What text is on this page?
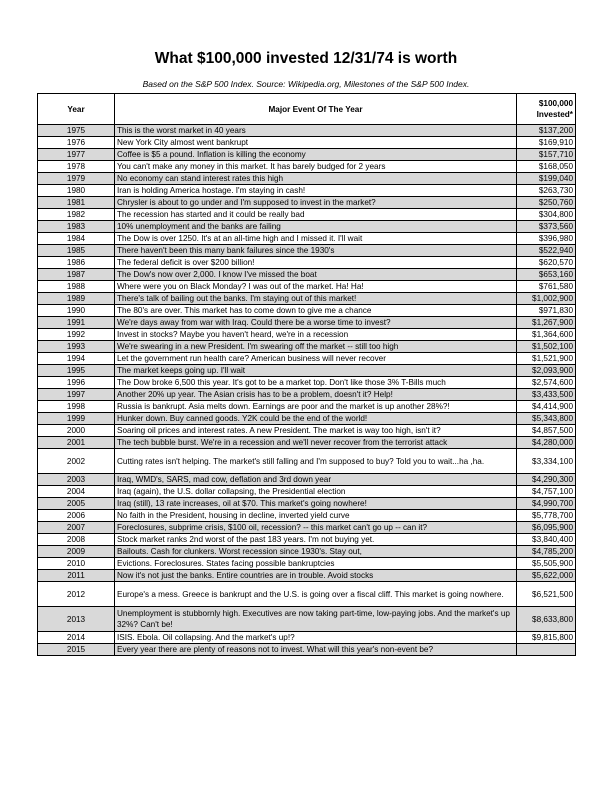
What $100,000 invested 12/31/74 is worth
Based on the S&P 500 Index. Source: Wikipedia.org, Milestones of the S&P 500 Index.
Year	Major Event Of The Year	$100,000
Invested*
1975	This is the worst market in 40 years	$137,200
1976	New York City almost went bankrupt	$169,910
1977	Coffee is $5 a pound. Inflation is killing the economy	$157,710
1978	You can't make any money in this market. It has barely budged for 2 years	$168,050
1979	No economy can stand interest rates this high	$199,040
1980	Iran is holding America hostage. I'm staying in cash!	$263,730
1981	Chrysler is about to go under and I'm supposed to invest in the market?	$250,760
1982	The recession has started and it could be really bad	$304,800
1983	10% unemployment and the banks are failing	$373,560
1984	The Dow is over 1250. It's at an all-time high and I missed it. I'll wait	$396,980
1985	There haven't been this many bank failures since the 1930's	$522,940
1986	The federal deficit is over $200 billion!	$620,570
1987	The Dow's now over 2,000. I know I've missed the boat	$653,160
1988	Where were you on Black Monday? I was out of the market. Ha! Ha!	$761,580
1989	There's talk of bailing out the banks. I'm staying out of this market!	$1,002,900
1990	The 80's are over. This market has to come down to give me a chance	$971,830
1991	We're days away from war with Iraq. Could there be a worse time to invest?	$1,267,900
1992	Invest in stocks? Maybe you haven't heard, we're in a recession	$1,364,600
1993	We're swearing in a new President. I'm swearing off the market -- still too high	$1,502,100
1994	Let the government run health care? American business will never recover	$1,521,900
1995	The market keeps going up. I'll wait	$2,093,900
1996	The Dow broke 6,500 this year. It's got to be a market top. Don't like those 3% T-Bills much	$2,574,600
1997	Another 20% up year. The Asian crisis has to be a problem, doesn't it? Help!	$3,433,500
1998	Russia is bankrupt. Asia melts down. Earnings are poor and the market is up another 28%?!	$4,414,900
1999	Hunker down. Buy canned goods. Y2K could be the end of the world!	$5,343,800
2000	Soaring oil prices and interest rates. A new President. The market is way too high, isn't it?	$4,857,500
2001	The tech bubble burst. We're in a recession and we'll never recover from the terrorist attack	$4,280,000
2002	Cutting rates isn't helping. The market's still falling and I'm supposed to buy? Told you to wait...ha ,ha.	$3,334,100
2003	Iraq, WMD's, SARS, mad cow, deflation and 3rd down year	$4,290,300
2004	Iraq (again), the U.S. dollar collapsing, the Presidential election	$4,757,100
2005	Iraq (still), 13 rate increases, oil at $70. This market's going nowhere!	$4,990,700
2006	No faith in the President, housing in decline, inverted yield curve	$5,778,700
2007	Foreclosures, subprime crisis, $100 oil, recession? -- this market can't go up -- can it?	$6,095,900
2008	Stock market ranks 2nd worst of the past 183 years. I'm not buying yet.	$3,840,400
2009	Bailouts. Cash for clunkers. Worst recession since 1930's. Stay out,	$4,785,200
2010	Evictions. Foreclosures. States facing possible bankruptcies	$5,505,900
2011	Now it's not just the banks. Entire countries are in trouble. Avoid stocks	$5,622,000
2012	Europe's a mess. Greece is bankrupt and the U.S. is going over a fiscal cliff. This market is going nowhere.	$6,521,500
2013	Unemployment is stubbornly high. Executives are now taking part-time, low-paying jobs. And the market's up 32%? Can't be!	$8,633,800
2014	ISIS. Ebola. Oil collapsing. And the market's up!?	$9,815,800
2015	Every year there are plenty of reasons not to invest. What will this year's non-event be?	
